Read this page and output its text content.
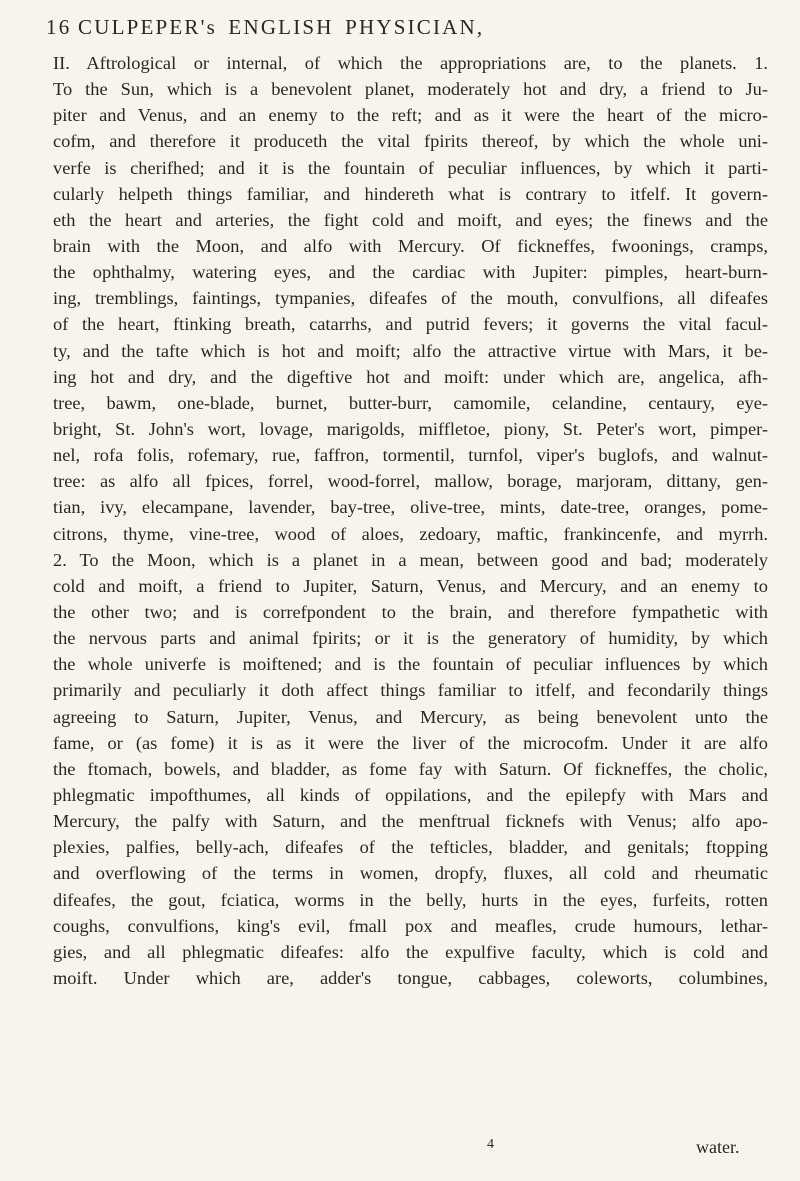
16 CULPEPER's ENGLISH PHYSICIAN,
II. Aftrological or internal, of which the appropriations are, to the planets. 1.
To the Sun, which is a benevolent planet, moderately hot and dry, a friend to Ju-
piter and Venus, and an enemy to the reft; and as it were the heart of the micro-
cofm, and therefore it produceth the vital fpirits thereof, by which the whole uni-
verfe is cherifhed; and it is the fountain of peculiar influences, by which it parti-
cularly helpeth things familiar, and hindereth what is contrary to itfelf. It govern-
eth the heart and arteries, the fight cold and moift, and eyes; the finews and the
brain with the Moon, and alfo with Mercury. Of fickneffes, fwoonings, cramps,
the ophthalmy, watering eyes, and the cardiac with Jupiter: pimples, heart-burn-
ing, tremblings, faintings, tympanies, difeafes of the mouth, convulfions, all difeafes
of the heart, ftinking breath, catarrhs, and putrid fevers; it governs the vital facul-
ty, and the tafte which is hot and moift; alfo the attractive virtue with Mars, it be-
ing hot and dry, and the digeftive hot and moift: under which are, angelica, afh-
tree, bawm, one-blade, burnet, butter-burr, camomile, celandine, centaury, eye-
bright, St. John's wort, lovage, marigolds, miffletoe, piony, St. Peter's wort, pimper-
nel, rofa folis, rofemary, rue, faffron, tormentil, turnfol, viper's buglofs, and walnut-
tree: as alfo all fpices, forrel, wood-forrel, mallow, borage, marjoram, dittany, gen-
tian, ivy, elecampane, lavender, bay-tree, olive-tree, mints, date-tree, oranges, pome-
citrons, thyme, vine-tree, wood of aloes, zedoary, maftic, frankincenfe, and myrrh.
2. To the Moon, which is a planet in a mean, between good and bad; moderately
cold and moift, a friend to Jupiter, Saturn, Venus, and Mercury, and an enemy to
the other two; and is correfpondent to the brain, and therefore fympathetic with
the nervous parts and animal fpirits; or it is the generatory of humidity, by which
the whole univerfe is moiftened; and is the fountain of peculiar influences by which
primarily and peculiarly it doth affect things familiar to itfelf, and fecondarily things
agreeing to Saturn, Jupiter, Venus, and Mercury, as being benevolent unto the
fame, or (as fome) it is as it were the liver of the microcofm. Under it are alfo
the ftomach, bowels, and bladder, as fome fay with Saturn. Of fickneffes, the cholic,
phlegmatic impofthumes, all kinds of oppilations, and the epilepfy with Mars and
Mercury, the palfy with Saturn, and the menftrual ficknefs with Venus; alfo apo-
plexies, palfies, belly-ach, difeafes of the tefticles, bladder, and genitals; ftopping
and overflowing of the terms in women, dropfy, fluxes, all cold and rheumatic
difeafes, the gout, fciatica, worms in the belly, hurts in the eyes, furfeits, rotten
coughs, convulfions, king's evil, fmall pox and meafles, crude humours, lethar-
gies, and all phlegmatic difeafes: alfo the expulfive faculty, which is cold and
moift. Under which are, adder's tongue, cabbages, coleworts, columbines,
4	water.
